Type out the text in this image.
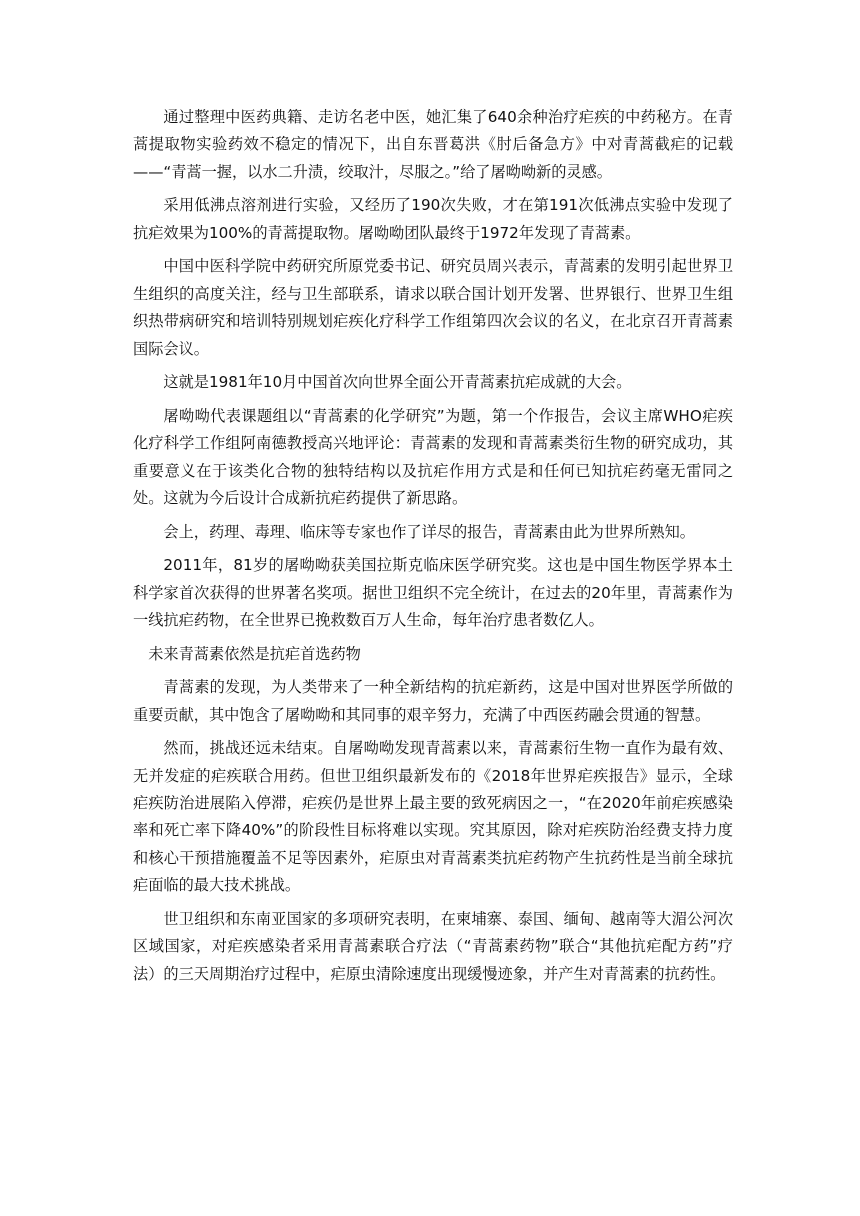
通过整理中医药典籍、走访名老中医，她汇集了640余种治疗疟疾的中药秘方。在青蒿提取物实验药效不稳定的情况下，出自东晋葛洪《肘后备急方》中对青蒿截疟的记载——“青蒿一握，以水二升渍，绞取汁，尽服之。”给了屠呦呦新的灵感。

采用低沸点溶剂进行实验，又经历了190次失败，才在第191次低沸点实验中发现了抗疟效果为100%的青蒿提取物。屠呦呦团队最终于1972年发现了青蒿素。

中国中医科学院中药研究所原党委书记、研究员周兴表示，青蒿素的发明引起世界卫生组织的高度关注，经与卫生部联系，请求以联合国计划开发署、世界银行、世界卫生组织热带病研究和培训特别规划疟疾化疗科学工作组第四次会议的名义，在北京召开青蒿素国际会议。

这就是1981年10月中国首次向世界全面公开青蒿素抗疟成就的大会。

屠呦呦代表课题组以“青蒿素的化学研究”为题，第一个作报告，会议主席WHO疟疾化疗科学工作组阿南德教授高兴地评论：青蒿素的发现和青蒿素类衍生物的研究成功，其重要意义在于该类化合物的独特结构以及抗疟作用方式是和任何已知抗疟药毫无雷同之处。这就为今后设计合成新抗疟药提供了新思路。

会上，药理、毒理、临床等专家也作了详尽的报告，青蒿素由此为世界所熟知。

2011年，81岁的屠呦呦获美国拉斯克临床医学研究奖。这也是中国生物医学界本土科学家首次获得的世界著名奖项。据世卫组织不完全统计，在过去的20年里，青蒿素作为一线抗疟药物，在全世界已挽救数百万人生命，每年治疗患者数亿人。

未来青蒿素依然是抗疟首选药物

青蒿素的发现，为人类带来了一种全新结构的抗疟新药，这是中国对世界医学所做的重要贡献，其中饱含了屠呦呦和其同事的艰辛努力，充满了中西医药融会贯通的智慧。

然而，挑战还远未结束。自屠呦呦发现青蒿素以来，青蒿素衍生物一直作为最有效、无并发症的疟疾联合用药。但世卫组织最新发布的《2018年世界疟疾报告》显示，全球疟疾防治进展陷入停滞，疟疾仍是世界上最主要的致死病因之一，“在2020年前疟疾感染率和死亡率下降40%”的阶段性目标将难以实现。究其原因，除对疟疾防治经费支持力度和核心干预措施覆盖不足等因素外，疟原虫对青蒿素类抗疟药物产生抗药性是当前全球抗疟面临的最大技术挑战。

世卫组织和东南亚国家的多项研究表明，在柬埔寨、泰国、缅甸、越南等大湄公河次区域国家，对疟疾感染者采用青蒿素联合疗法（“青蒿素药物”联合“其他抗疟配方药”疗法）的三天周期治疗过程中，疟原虫清除速度出现缓慢迹象，并产生对青蒿素的抗药性。
